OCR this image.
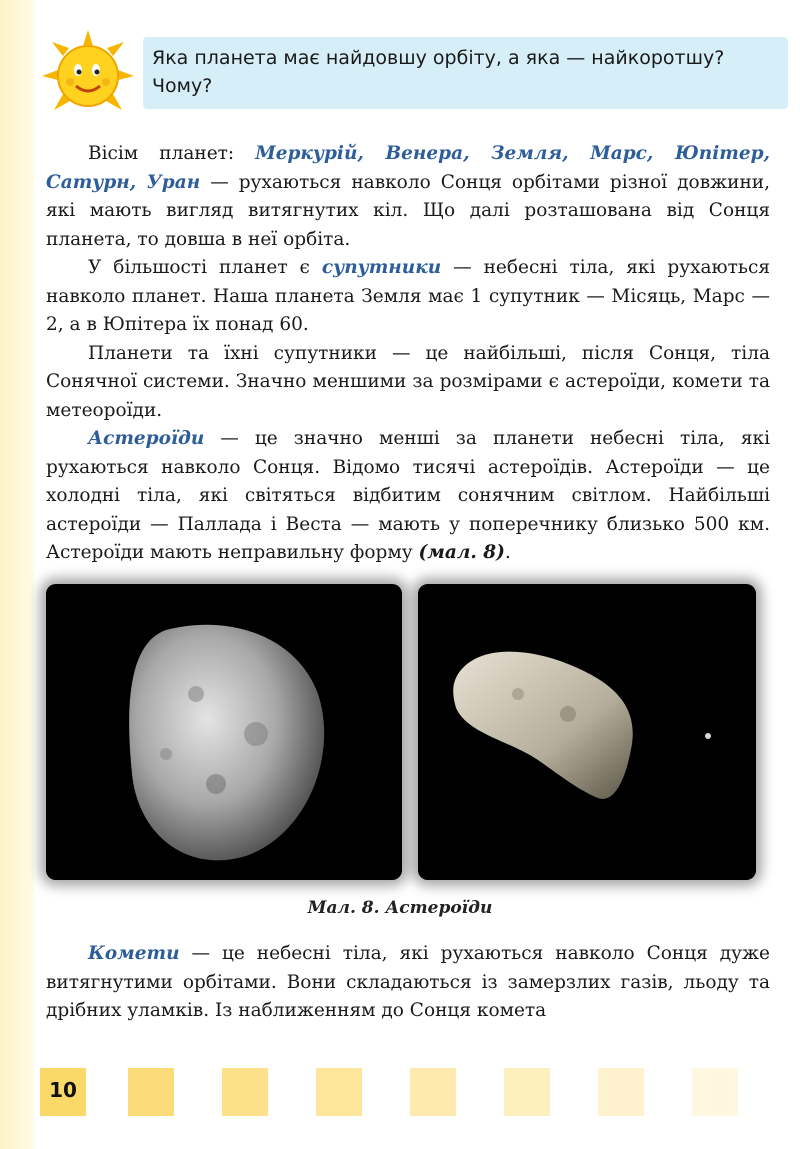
Яка планета має найдовшу орбіту, а яка — найкоротшу? Чому?

Вісім планет: Меркурій, Венера, Земля, Марс, Юпітер, Сатурн, Уран — рухаються навколо Сонця орбітами різної довжини, які мають вигляд витягнутих кіл. Що далі розташована від Сонця планета, то довша в неї орбіта.

У більшості планет є супутники — небесні тіла, які рухаються навколо планет. Наша планета Земля має 1 супутник — Місяць, Марс — 2, а в Юпітера їх понад 60.

Планети та їхні супутники — це найбільші, після Сонця, тіла Сонячної системи. Значно меншими за розмірами є астероїди, комети та метеороїди.

Астероїди — це значно менші за планети небесні тіла, які рухаються навколо Сонця. Відомо тисячі астероїдів. Астероїди — це холодні тіла, які світяться відбитим сонячним світлом. Найбільші астероїди — Паллада і Веста — мають у поперечнику близько 500 км. Астероїди мають неправильну форму (мал. 8).

Мал. 8. Астероїди

Комети — це небесні тіла, які рухаються навколо Сонця дуже витягнутими орбітами. Вони складаються із замерзлих газів, льоду та дрібних уламків. Із наближенням до Сонця комета

10
